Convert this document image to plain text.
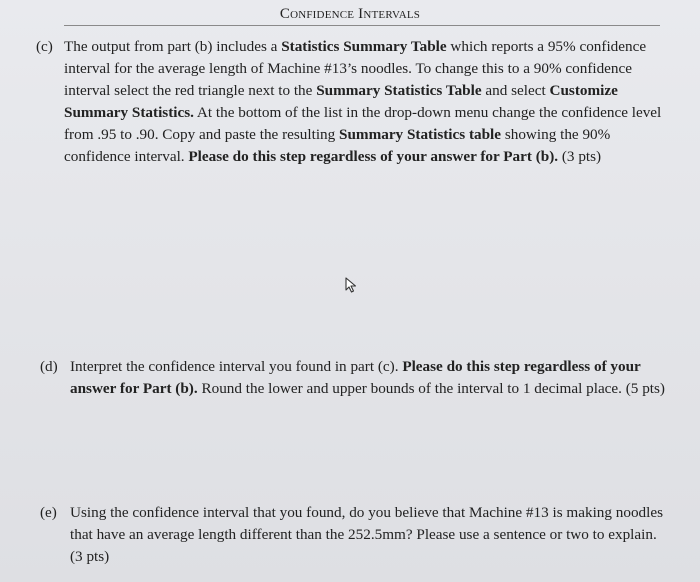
Confidence Intervals
(c) The output from part (b) includes a Statistics Summary Table which reports a 95% confidence interval for the average length of Machine #13’s noodles. To change this to a 90% confidence interval select the red triangle next to the Summary Statistics Table and select Customize Summary Statistics. At the bottom of the list in the drop-down menu change the confidence level from .95 to .90. Copy and paste the resulting Summary Statistics table showing the 90% confidence interval. Please do this step regardless of your answer for Part (b). (3 pts)
(d) Interpret the confidence interval you found in part (c). Please do this step regardless of your answer for Part (b). Round the lower and upper bounds of the interval to 1 decimal place. (5 pts)
(e) Using the confidence interval that you found, do you believe that Machine #13 is making noodles that have an average length different than the 252.5mm? Please use a sentence or two to explain. (3 pts)
